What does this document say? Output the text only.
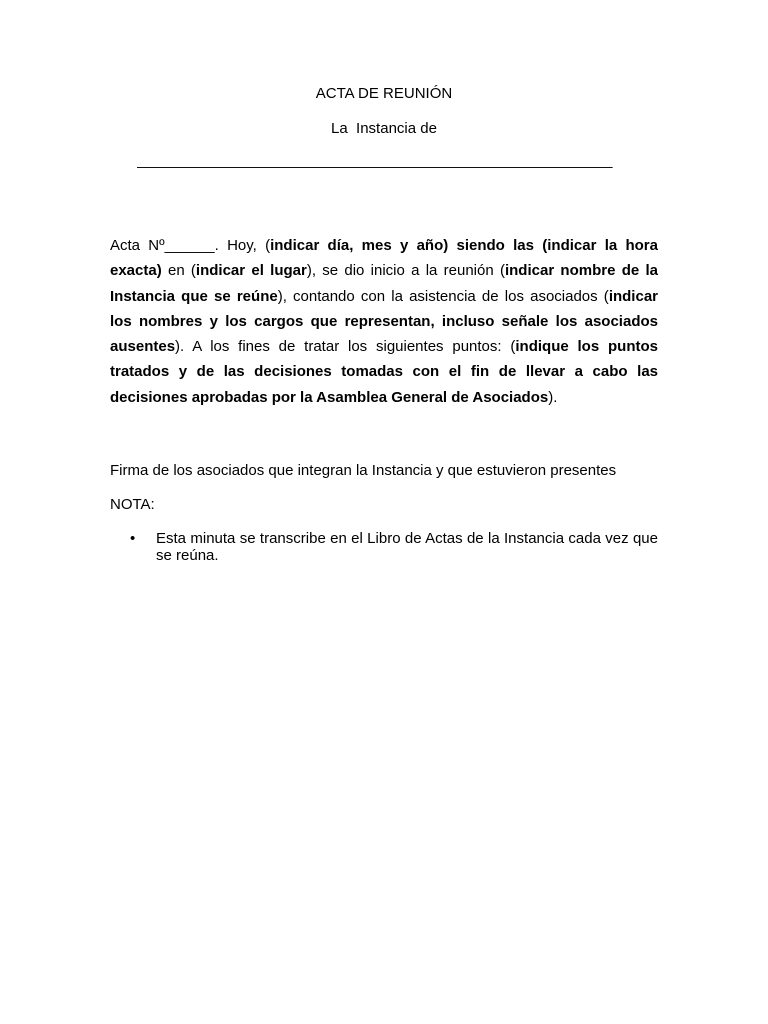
ACTA DE REUNIÓN
La  Instancia de
_________________________________________________________
Acta Nº______. Hoy, (indicar día, mes y año) siendo las (indicar la hora exacta) en (indicar el lugar), se dio inicio a la reunión (indicar nombre de la Instancia que se reúne), contando con la asistencia de los asociados (indicar los nombres y los cargos que representan, incluso señale los asociados ausentes). A los fines de tratar los siguientes puntos: (indique los puntos tratados y de las decisiones tomadas con el fin de llevar a cabo las decisiones aprobadas por la Asamblea General de Asociados).
Firma de los asociados que integran la Instancia y que estuvieron presentes
NOTA:
• Esta minuta se transcribe en el Libro de Actas de la Instancia cada vez que se reúna.
